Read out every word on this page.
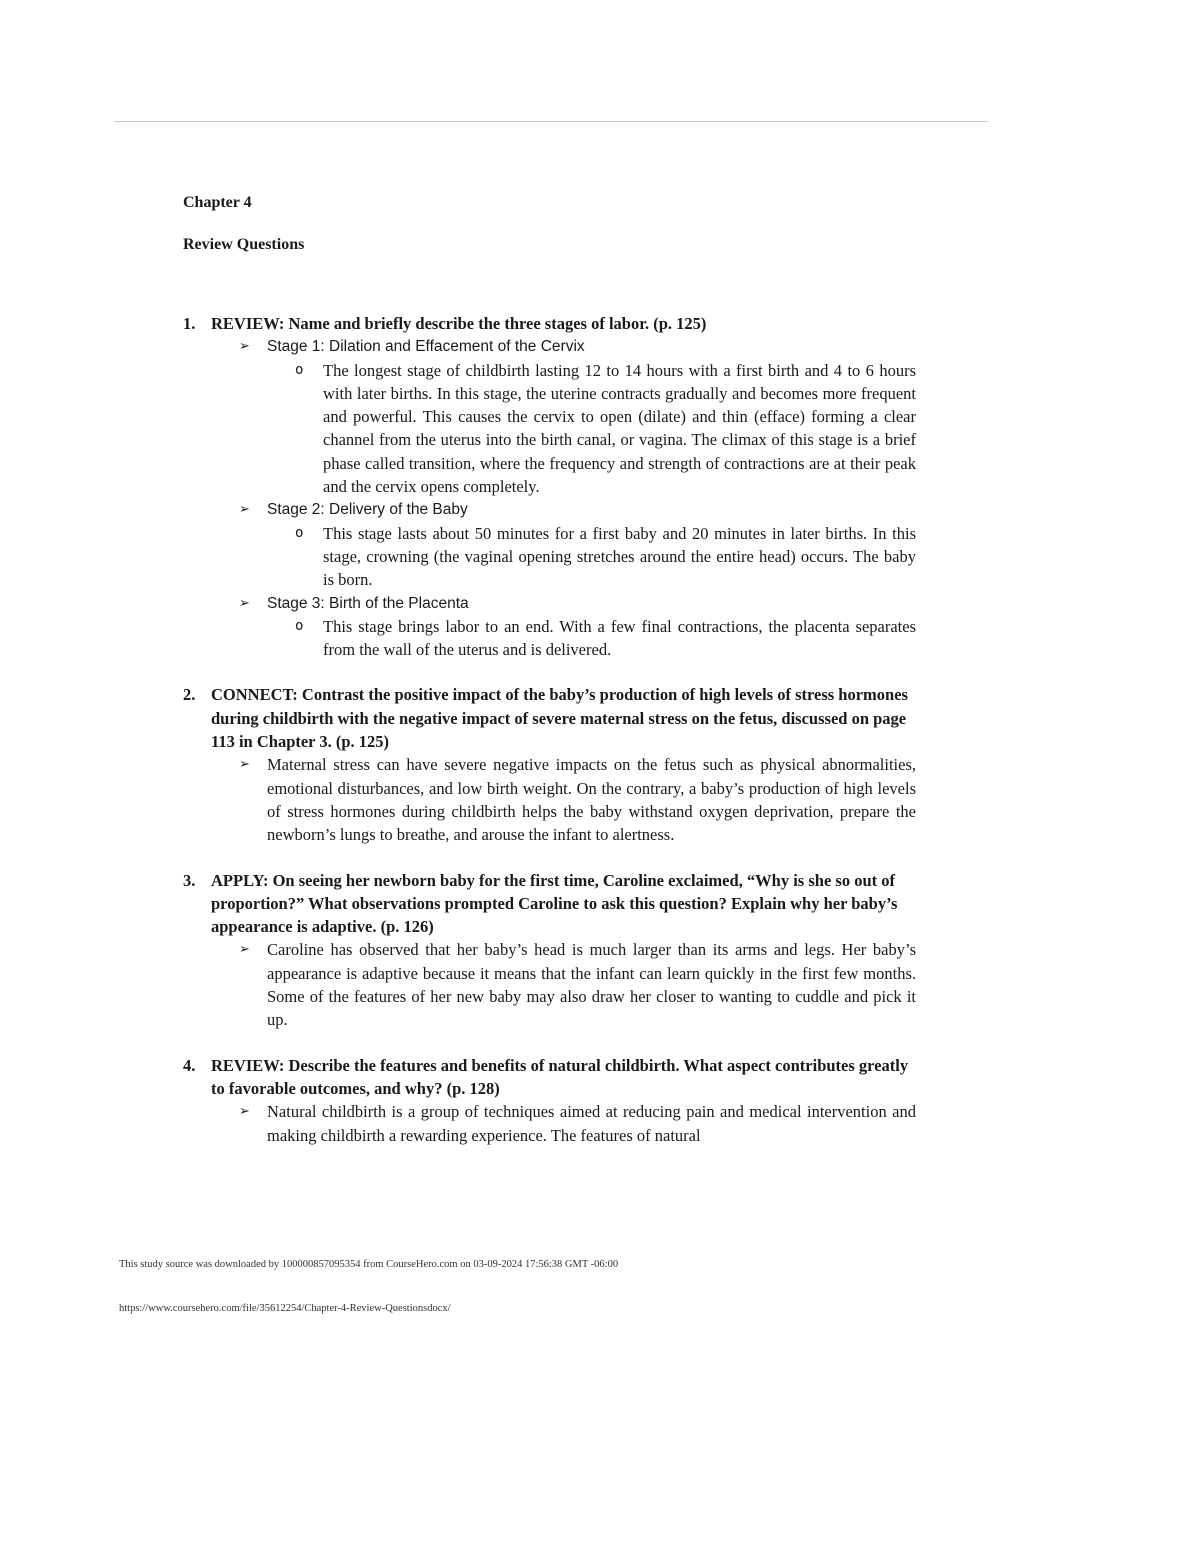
Chapter 4

Review Questions

1. REVIEW: Name and briefly describe the three stages of labor. (p. 125)
➢ Stage 1: Dilation and Effacement of the Cervix
o The longest stage of childbirth lasting 12 to 14 hours with a first birth and 4 to 6 hours with later births. In this stage, the uterine contracts gradually and becomes more frequent and powerful. This causes the cervix to open (dilate) and thin (efface) forming a clear channel from the uterus into the birth canal, or vagina. The climax of this stage is a brief phase called transition, where the frequency and strength of contractions are at their peak and the cervix opens completely.
➢ Stage 2: Delivery of the Baby
o This stage lasts about 50 minutes for a first baby and 20 minutes in later births. In this stage, crowning (the vaginal opening stretches around the entire head) occurs. The baby is born.
➢ Stage 3: Birth of the Placenta
o This stage brings labor to an end. With a few final contractions, the placenta separates from the wall of the uterus and is delivered.
2. CONNECT: Contrast the positive impact of the baby’s production of high levels of stress hormones during childbirth with the negative impact of severe maternal stress on the fetus, discussed on page 113 in Chapter 3. (p. 125)
➢ Maternal stress can have severe negative impacts on the fetus such as physical abnormalities, emotional disturbances, and low birth weight. On the contrary, a baby’s production of high levels of stress hormones during childbirth helps the baby withstand oxygen deprivation, prepare the newborn’s lungs to breathe, and arouse the infant to alertness.
3. APPLY: On seeing her newborn baby for the first time, Caroline exclaimed, “Why is she so out of proportion?” What observations prompted Caroline to ask this question? Explain why her baby’s appearance is adaptive. (p. 126)
➢ Caroline has observed that her baby’s head is much larger than its arms and legs. Her baby’s appearance is adaptive because it means that the infant can learn quickly in the first few months. Some of the features of her new baby may also draw her closer to wanting to cuddle and pick it up.
4. REVIEW: Describe the features and benefits of natural childbirth. What aspect contributes greatly to favorable outcomes, and why? (p. 128)
➢ Natural childbirth is a group of techniques aimed at reducing pain and medical intervention and making childbirth a rewarding experience. The features of natural
This study source was downloaded by 100000857095354 from CourseHero.com on 03-09-2024 17:56:38 GMT -06:00
https://www.coursehero.com/file/35612254/Chapter-4-Review-Questionsdocx/
